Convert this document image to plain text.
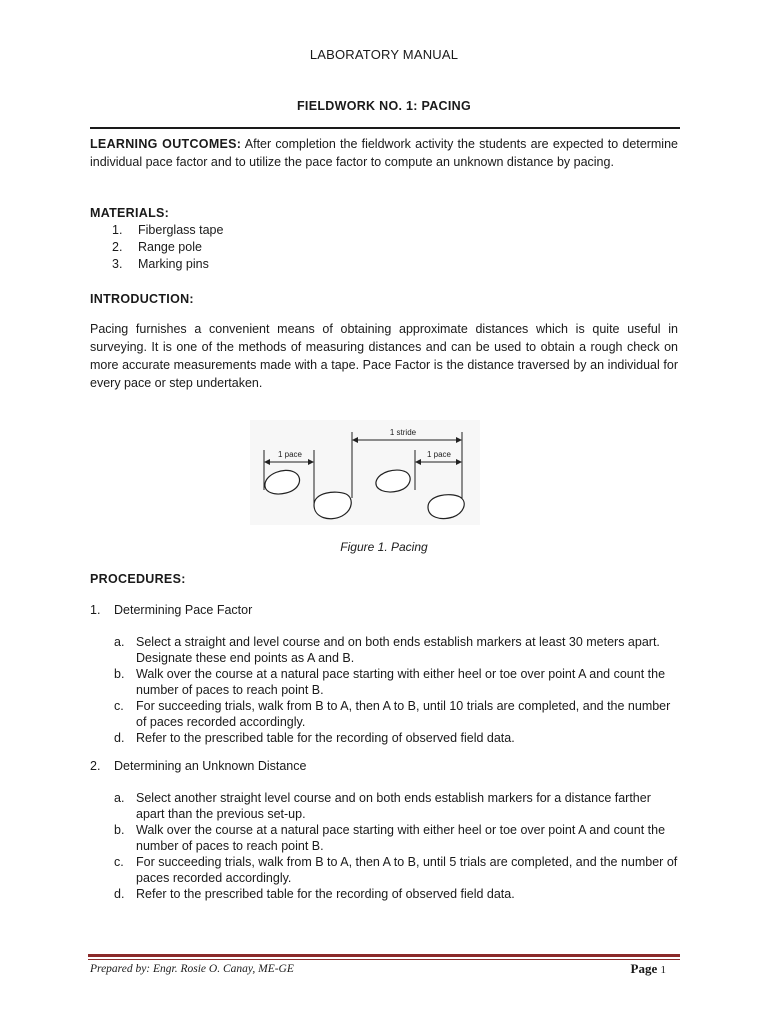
LABORATORY MANUAL
FIELDWORK NO. 1: PACING
LEARNING OUTCOMES: After completion the fieldwork activity the students are expected to determine individual pace factor and to utilize the pace factor to compute an unknown distance by pacing.
MATERIALS:
1. Fiberglass tape
2. Range pole
3. Marking pins
INTRODUCTION:
Pacing furnishes a convenient means of obtaining approximate distances which is quite useful in surveying. It is one of the methods of measuring distances and can be used to obtain a rough check on more accurate measurements made with a tape. Pace Factor is the distance traversed by an individual for every pace or step undertaken.
1 stride
1 pace	1 pace
Figure 1. Pacing
PROCEDURES:
1. Determining Pace Factor
a. Select a straight and level course and on both ends establish markers at least 30 meters apart. Designate these end points as A and B.
b. Walk over the course at a natural pace starting with either heel or toe over point A and count the number of paces to reach point B.
c. For succeeding trials, walk from B to A, then A to B, until 10 trials are completed, and the number of paces recorded accordingly.
d. Refer to the prescribed table for the recording of observed field data.
2. Determining an Unknown Distance
a. Select another straight level course and on both ends establish markers for a distance farther apart than the previous set-up.
b. Walk over the course at a natural pace starting with either heel or toe over point A and count the number of paces to reach point B.
c. For succeeding trials, walk from B to A, then A to B, until 5 trials are completed, and the number of paces recorded accordingly.
d. Refer to the prescribed table for the recording of observed field data.
Prepared by: Engr. Rosie O. Canay, ME-GE	Page 1
